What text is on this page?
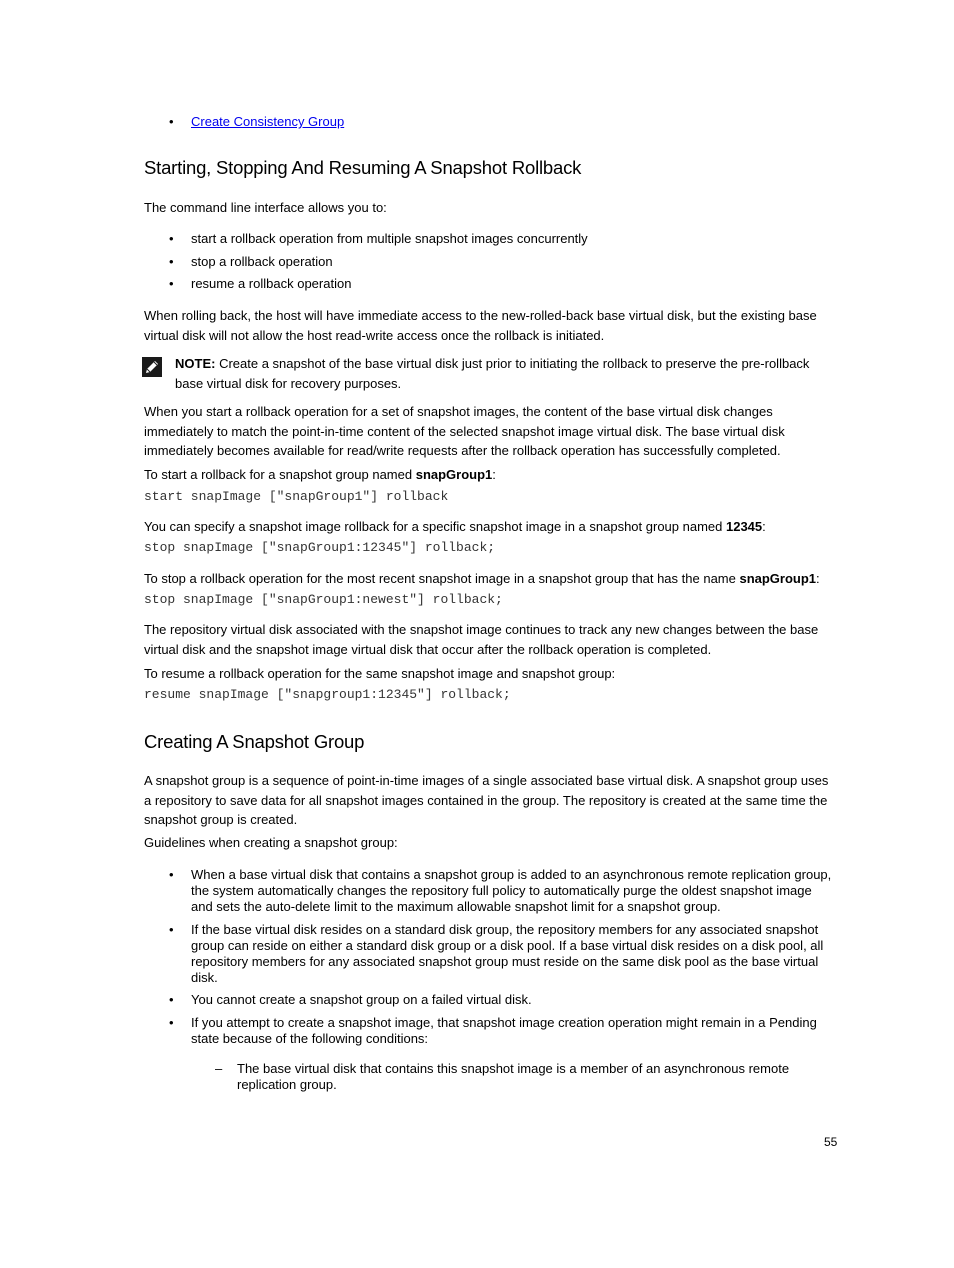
• Create Consistency Group
Starting, Stopping And Resuming A Snapshot Rollback
The command line interface allows you to:
• start a rollback operation from multiple snapshot images concurrently
• stop a rollback operation
• resume a rollback operation
When rolling back, the host will have immediate access to the new-rolled-back base virtual disk, but the existing base
virtual disk will not allow the host read-write access once the rollback is initiated.
NOTE: Create a snapshot of the base virtual disk just prior to initiating the rollback to preserve the pre-rollback
base virtual disk for recovery purposes.
When you start a rollback operation for a set of snapshot images, the content of the base virtual disk changes
immediately to match the point-in-time content of the selected snapshot image virtual disk. The base virtual disk
immediately becomes available for read/write requests after the rollback operation has successfully completed.
To start a rollback for a snapshot group named snapGroup1:
start snapImage ["snapGroup1"] rollback
You can specify a snapshot image rollback for a specific snapshot image in a snapshot group named 12345:
stop snapImage ["snapGroup1:12345"] rollback;
To stop a rollback operation for the most recent snapshot image in a snapshot group that has the name snapGroup1:
stop snapImage ["snapGroup1:newest"] rollback;
The repository virtual disk associated with the snapshot image continues to track any new changes between the base
virtual disk and the snapshot image virtual disk that occur after the rollback operation is completed.
To resume a rollback operation for the same snapshot image and snapshot group:
resume snapImage ["snapgroup1:12345"] rollback;
Creating A Snapshot Group
A snapshot group is a sequence of point-in-time images of a single associated base virtual disk. A snapshot group uses
a repository to save data for all snapshot images contained in the group. The repository is created at the same time the
snapshot group is created.
Guidelines when creating a snapshot group:
• When a base virtual disk that contains a snapshot group is added to an asynchronous remote replication group,
the system automatically changes the repository full policy to automatically purge the oldest snapshot image
and sets the auto-delete limit to the maximum allowable snapshot limit for a snapshot group.
• If the base virtual disk resides on a standard disk group, the repository members for any associated snapshot
group can reside on either a standard disk group or a disk pool. If a base virtual disk resides on a disk pool, all
repository members for any associated snapshot group must reside on the same disk pool as the base virtual
disk.
• You cannot create a snapshot group on a failed virtual disk.
• If you attempt to create a snapshot image, that snapshot image creation operation might remain in a Pending
state because of the following conditions:
– The base virtual disk that contains this snapshot image is a member of an asynchronous remote
replication group.
55
